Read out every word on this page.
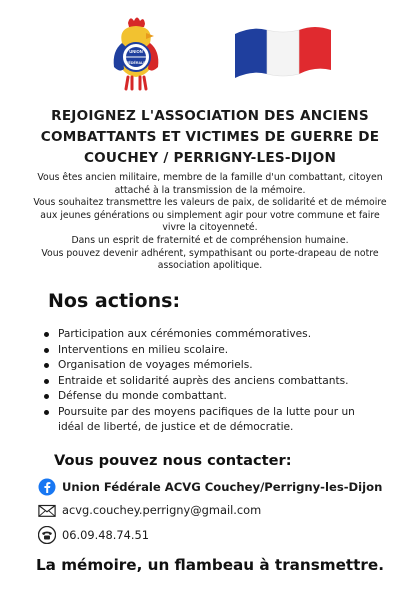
UNION
FÉDÉRALE
REJOIGNEZ L'ASSOCIATION DES ANCIENS
COMBATTANTS ET VICTIMES DE GUERRE DE
COUCHEY / PERRIGNY-LES-DIJON

Vous êtes ancien militaire, membre de la famille d'un combattant, citoyen

attaché à la transmission de la mémoire.

Vous souhaitez transmettre les valeurs de paix, de solidarité et de mémoire

aux jeunes générations ou simplement agir pour votre commune et faire

vivre la citoyenneté.

Dans un esprit de fraternité et de compréhension humaine.

Vous pouvez devenir adhérent, sympathisant ou porte-drapeau de notre

association apolitique.

Nos actions:
Participation aux cérémonies commémoratives.
Interventions en milieu scolaire.
Organisation de voyages mémoriels.
Entraide et solidarité auprès des anciens combattants.
Défense du monde combattant.
Poursuite par des moyens pacifiques de la lutte pour un
idéal de liberté, de justice et de démocratie.
Vous pouvez nous contacter:
Union Fédérale ACVG Couchey/Perrigny-les-Dijon
acvg.couchey.perrigny@gmail.com
06.09.48.74.51

La mémoire, un flambeau à transmettre.
